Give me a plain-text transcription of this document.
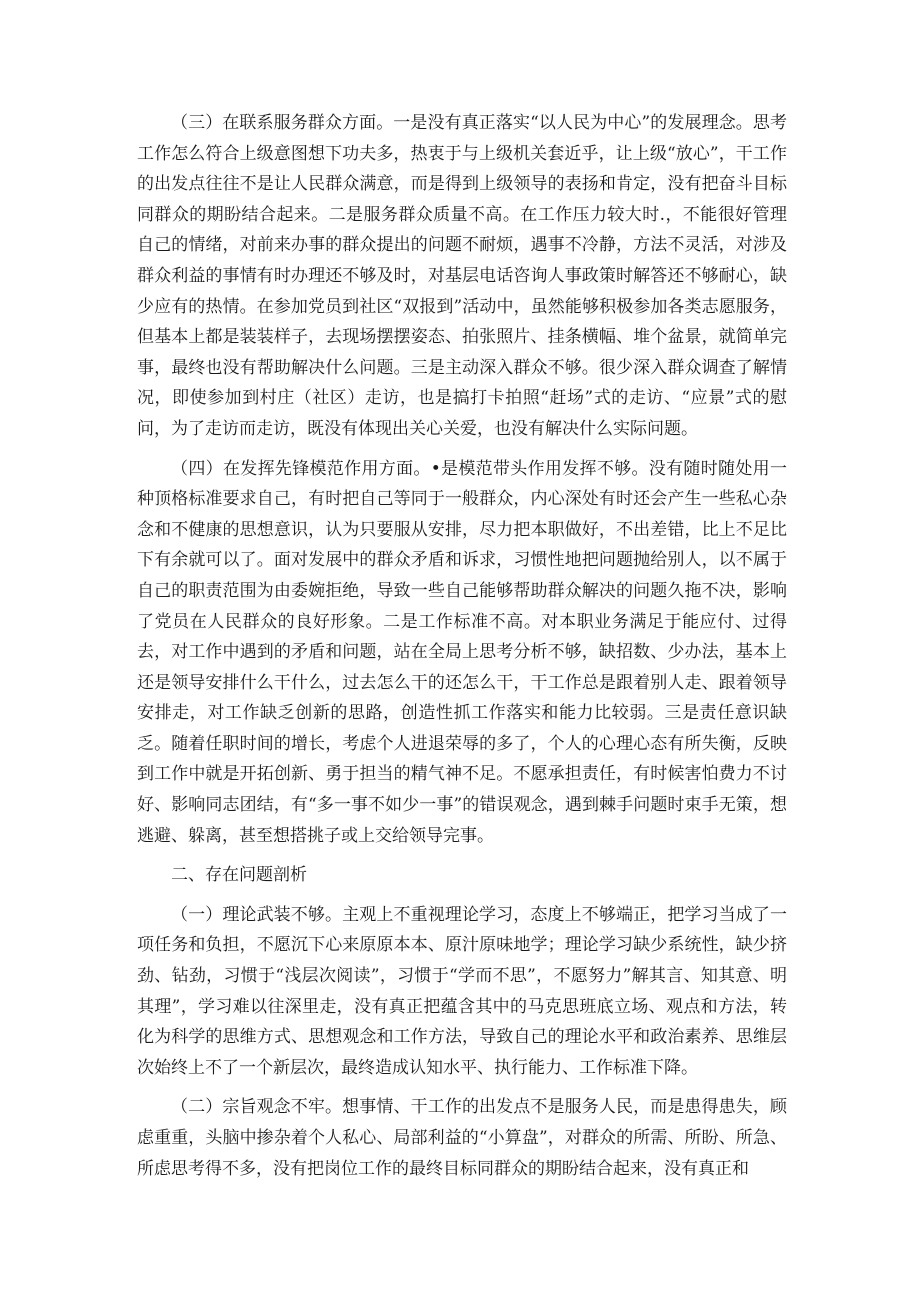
（三）在联系服务群众方面。一是没有真正落实“以人民为中心”的发展理念。思考工作怎么符合上级意图想下功夫多，热衷于与上级机关套近乎，让上级“放心”，干工作的出发点往往不是让人民群众满意，而是得到上级领导的表扬和肯定，没有把奋斗目标同群众的期盼结合起来。二是服务群众质量不高。在工作压力较大时.，不能很好管理自己的情绪，对前来办事的群众提出的问题不耐烦，遇事不冷静，方法不灵活，对涉及群众利益的事情有时办理还不够及时，对基层电话咨询人事政策时解答还不够耐心，缺少应有的热情。在参加党员到社区“双报到”活动中，虽然能够积极参加各类志愿服务，但基本上都是装装样子，去现场摆摆姿态、拍张照片、挂条横幅、堆个盆景，就简单完事，最终也没有帮助解决什么问题。三是主动深入群众不够。很少深入群众调查了解情况，即使参加到村庄（社区）走访，也是搞打卡拍照“赶场”式的走访、“应景”式的慰问，为了走访而走访，既没有体现出关心关爱，也没有解决什么实际问题。

（四）在发挥先锋模范作用方面。•是模范带头作用发挥不够。没有随时随处用一种顶格标准要求自己，有时把自己等同于一般群众，内心深处有时还会产生一些私心杂念和不健康的思想意识，认为只要服从安排，尽力把本职做好，不出差错，比上不足比下有余就可以了。面对发展中的群众矛盾和诉求，习惯性地把问题抛给别人，以不属于自己的职责范围为由委婉拒绝，导致一些自己能够帮助群众解决的问题久拖不决，影响了党员在人民群众的良好形象。二是工作标准不高。对本职业务满足于能应付、过得去，对工作中遇到的矛盾和问题，站在全局上思考分析不够，缺招数、少办法，基本上还是领导安排什么干什么，过去怎么干的还怎么干，干工作总是跟着别人走、跟着领导安排走，对工作缺乏创新的思路，创造性抓工作落实和能力比较弱。三是责任意识缺乏。随着任职时间的增长，考虑个人进退荣辱的多了，个人的心理心态有所失衡，反映到工作中就是开拓创新、勇于担当的精气神不足。不愿承担责任，有时候害怕费力不讨好、影响同志团结，有“多一事不如少一事”的错误观念，遇到棘手问题时束手无策，想逃避、躲离，甚至想搭挑子或上交给领导完事。

二、存在问题剖析

（一）理论武装不够。主观上不重视理论学习，态度上不够端正，把学习当成了一项任务和负担，不愿沉下心来原原本本、原汁原味地学；理论学习缺少系统性，缺少挤劲、钻劲，习惯于“浅层次阅读”，习惯于“学而不思”，不愿努力”解其言、知其意、明其理”，学习难以往深里走，没有真正把蕴含其中的马克思班底立场、观点和方法，转化为科学的思维方式、思想观念和工作方法，导致自己的理论水平和政治素养、思维层次始终上不了一个新层次，最终造成认知水平、执行能力、工作标准下降。

（二）宗旨观念不牢。想事情、干工作的出发点不是服务人民，而是患得患失，顾虑重重，头脑中掺杂着个人私心、局部利益的“小算盘”，对群众的所需、所盼、所急、所虑思考得不多，没有把岗位工作的最终目标同群众的期盼结合起来，没有真正和
